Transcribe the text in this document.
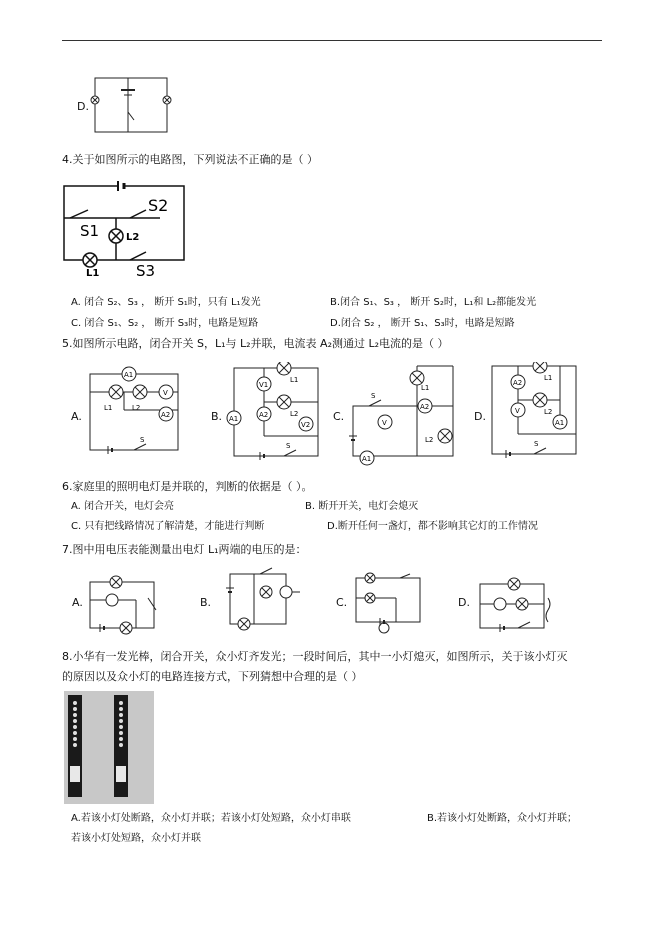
D.
4.关于如图所示的电路图，下列说法不正确的是（ ）
S2
S1	L2
L1 S3
A. 闭合 S₂、S₃ ， 断开 S₁时，只有 L₁发光	B.闭合 S₁、S₃ ， 断开 S₂时，L₁和 L₂都能发光
C. 闭合 S₁、S₂ ， 断开 S₃时，电路是短路	D.闭合 S₂ ， 断开 S₁、S₃时，电路是短路
5.如图所示电路，闭合开关 S，L₁与 L₂并联，电流表 A₂测通过 L₂电流的是（ ）
A.
A1
V
A2
L1	L2
S
B.
V1
A2
A1
V2
L1
L2
S
C.
S
V
A2
A1
L1
L2
D.
A2
V
A1
L1
L2
S
6.家庭里的照明电灯是并联的，判断的依据是（ ）。
A. 闭合开关，电灯会亮	B. 断开开关，电灯会熄灭
C. 只有把线路情况了解清楚，才能进行判断	D.断开任何一盏灯，都不影响其它灯的工作情况
7.图中用电压表能测量出电灯 L₁两端的电压的是：
A.	B.	C.	D.
8.小华有一发光棒，闭合开关，众小灯齐发光；一段时间后，其中一小灯熄灭，如图所示，关于该小灯灭
的原因以及众小灯的电路连接方式，下列猜想中合理的是（ ）
A.若该小灯处断路，众小灯并联；若该小灯处短路，众小灯串联	B.若该小灯处断路，众小灯并联；
若该小灯处短路，众小灯并联
